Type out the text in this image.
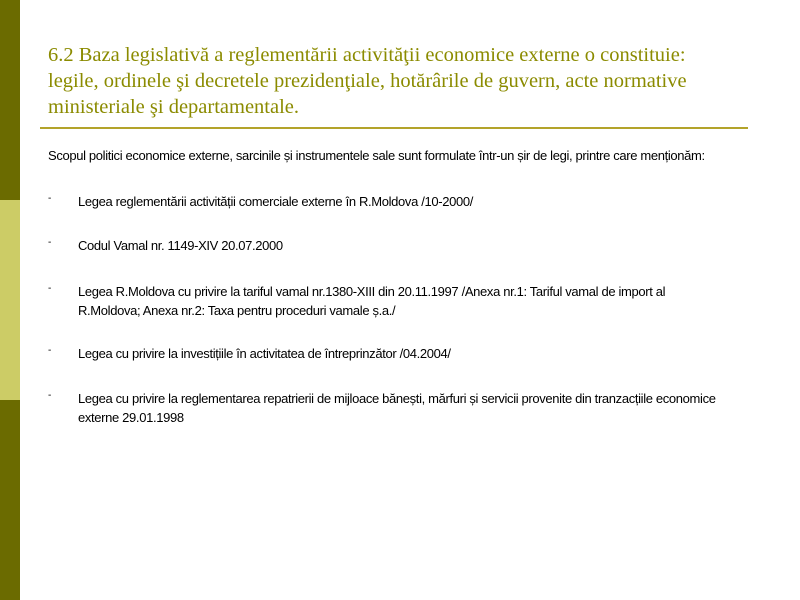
6.2 Baza legislativă a reglementării activităţii economice externe o constituie:
legile, ordinele şi decretele prezidenţiale, hotărârile de guvern, acte normative
ministeriale şi departamentale.

Scopul politici economice externe, sarcinile și instrumentele sale sunt formulate într-un șir de legi, printre care menționăm:

- Legea reglementării activității comerciale externe în R.Moldova /10-2000/
- Codul Vamal nr. 1149-XIV 20.07.2000
- Legea R.Moldova cu privire la tariful vamal nr.1380-XIII din 20.11.1997 /Anexa nr.1: Tariful vamal de import al
R.Moldova; Anexa nr.2: Taxa pentru proceduri vamale ș.a./
- Legea cu privire la investițiile în activitatea de întreprinzător /04.2004/
- Legea cu privire la reglementarea repatrierii de mijloace bănești, mărfuri și servicii provenite din tranzacțiile economice
externe 29.01.1998
